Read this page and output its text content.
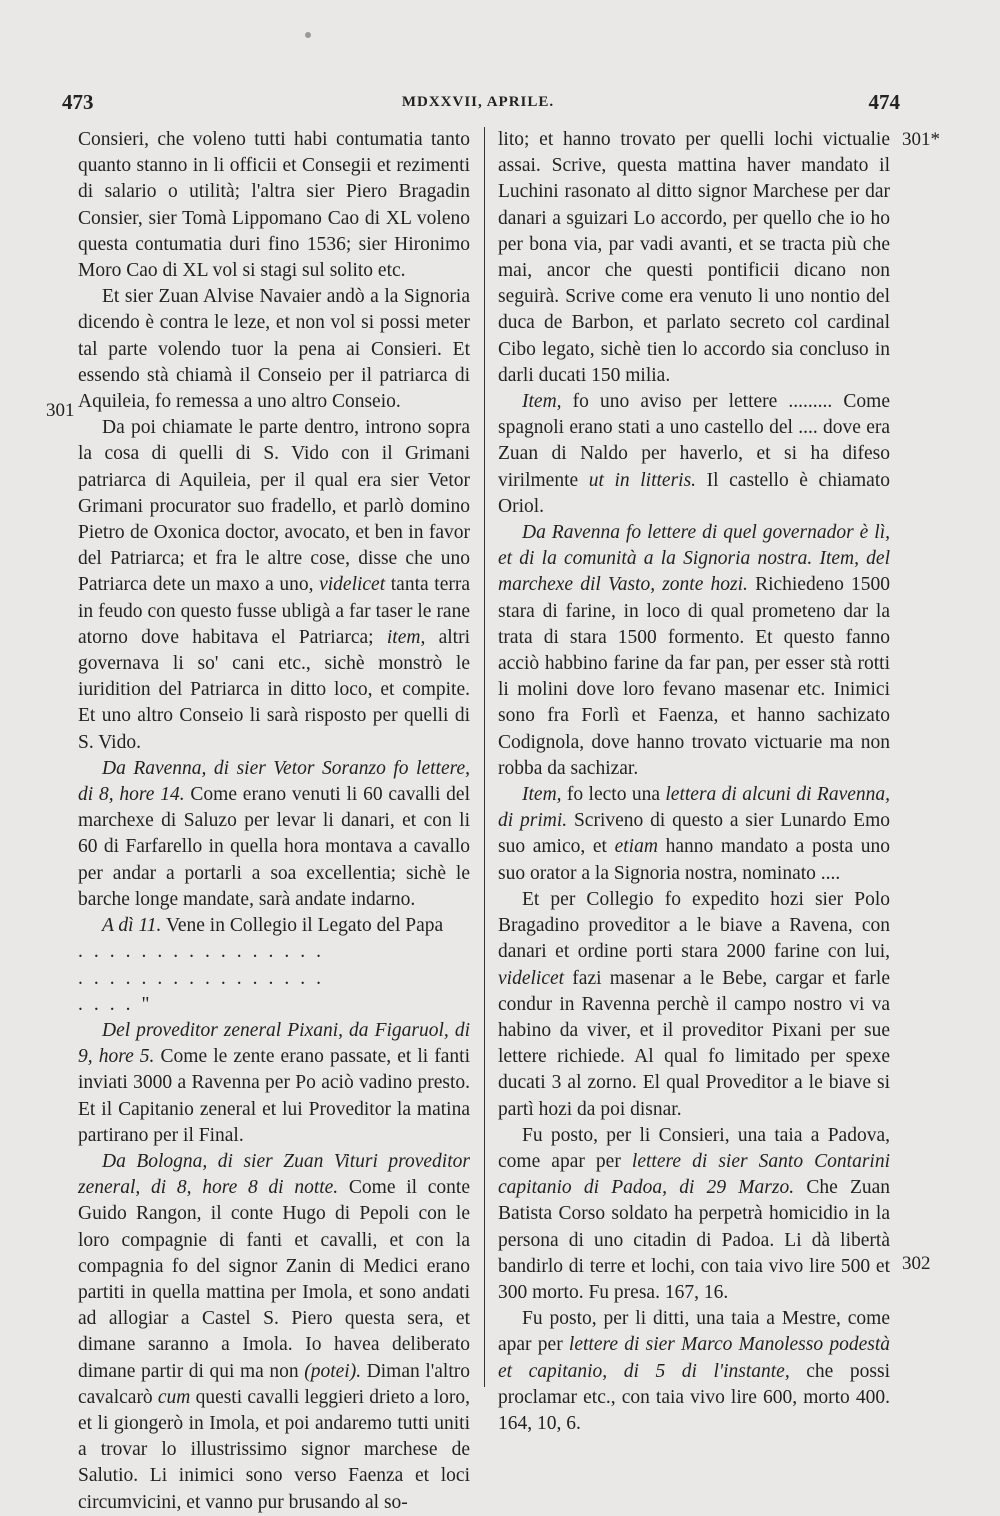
473	MDXXVII, APRILE.	474
301
301*
302

Consieri, che voleno tutti habi contumatia tanto quanto stanno in li officii et Consegii et rezimenti di salario o utilità; l'altra sier Piero Bragadin Consier, sier Tomà Lippomano Cao di XL voleno questa contumatia duri fino 1536; sier Hironimo Moro Cao di XL vol si stagi sul solito etc.

Et sier Zuan Alvise Navaier andò a la Signoria dicendo è contra le leze, et non vol si possi meter tal parte volendo tuor la pena ai Consieri. Et essendo stà chiamà il Conseio per il patriarca di Aquileia, fo remessa a uno altro Conseio.

Da poi chiamate le parte dentro, introno sopra la cosa di quelli di S. Vido con il Grimani patriarca di Aquileia, per il qual era sier Vetor Grimani procurator suo fradello, et parlò domino Pietro de Oxonica doctor, avocato, et ben in favor del Patriarca; et fra le altre cose, disse che uno Patriarca dete un maxo a uno, videlicet tanta terra in feudo con questo fusse ubligà a far taser le rane atorno dove habitava el Patriarca; item, altri governava li so' cani etc., sichè monstrò le iuridition del Patriarca in ditto loco, et compite. Et uno altro Conseio li sarà risposto per quelli di S. Vido.

Da Ravenna, di sier Vetor Soranzo fo lettere, di 8, hore 14. Come erano venuti li 60 cavalli del marchexe di Saluzo per levar li danari, et con li 60 di Farfarello in quella hora montava a cavallo per andar a portarli a soa excellentia; sichè le barche longe mandate, sarà andate indarno.

A dì 11. Vene in Collegio il Legato del Papa

................

................

...."

Del proveditor zeneral Pixani, da Figaruol, di 9, hore 5. Come le zente erano passate, et li fanti inviati 3000 a Ravenna per Po aciò vadino presto. Et il Capitanio zeneral et lui Proveditor la matina partirano per il Final.

Da Bologna, di sier Zuan Vituri proveditor zeneral, di 8, hore 8 di notte. Come il conte Guido Rangon, il conte Hugo di Pepoli con le loro compagnie di fanti et cavalli, et con la compagnia fo del signor Zanin di Medici erano partiti in quella mattina per Imola, et sono andati ad allogiar a Castel S. Piero questa sera, et dimane saranno a Imola. Io havea deliberato dimane partir di qui ma non (potei). Diman l'altro cavalcarò cum questi cavalli leggieri drieto a loro, et li giongerò in Imola, et poi andaremo tutti uniti a trovar lo illustrissimo signor marchese de Salutio. Li inimici sono verso Faenza et loci circumvicini, et vanno pur brusando al so-

lito; et hanno trovato per quelli lochi victualie assai. Scrive, questa mattina haver mandato il Luchini rasonato al ditto signor Marchese per dar danari a sguizari Lo accordo, per quello che io ho per bona via, par vadi avanti, et se tracta più che mai, ancor che questi pontificii dicano non seguirà. Scrive come era venuto li uno nontio del duca de Barbon, et parlato secreto col cardinal Cibo legato, sichè tien lo accordo sia concluso in darli ducati 150 milia.

Item, fo uno aviso per lettere ......... Come spagnoli erano stati a uno castello del .... dove era Zuan di Naldo per haverlo, et si ha difeso virilmente ut in litteris. Il castello è chiamato Oriol.

Da Ravenna fo lettere di quel governador è lì, et di la comunità a la Signoria nostra. Item, del marchexe dil Vasto, zonte hozi. Richiedeno 1500 stara di farine, in loco di qual prometeno dar la trata di stara 1500 formento. Et questo fanno acciò habbino farine da far pan, per esser stà rotti li molini dove loro fevano masenar etc. Inimici sono fra Forlì et Faenza, et hanno sachizato Codignola, dove hanno trovato victuarie ma non robba da sachizar.

Item, fo lecto una lettera di alcuni di Ravenna, di primi. Scriveno di questo a sier Lunardo Emo suo amico, et etiam hanno mandato a posta uno suo orator a la Signoria nostra, nominato ....

Et per Collegio fo expedito hozi sier Polo Bragadino proveditor a le biave a Ravena, con danari et ordine porti stara 2000 farine con lui, videlicet fazi masenar a le Bebe, cargar et farle condur in Ravenna perchè il campo nostro vi va habino da viver, et il proveditor Pixani per sue lettere richiede. Al qual fo limitado per spexe ducati 3 al zorno. El qual Proveditor a le biave si partì hozi da poi disnar.

Fu posto, per li Consieri, una taia a Padova, come apar per lettere di sier Santo Contarini capitanio di Padoa, di 29 Marzo. Che Zuan Batista Corso soldato ha perpetrà homicidio in la persona di uno citadin di Padoa. Li dà libertà bandirlo di terre et lochi, con taia vivo lire 500 et 300 morto. Fu presa. 167, 16.

Fu posto, per li ditti, una taia a Mestre, come apar per lettere di sier Marco Manolesso podestà et capitanio, di 5 di l'instante, che possi proclamar etc., con taia vivo lire 600, morto 400. 164, 10, 6.
